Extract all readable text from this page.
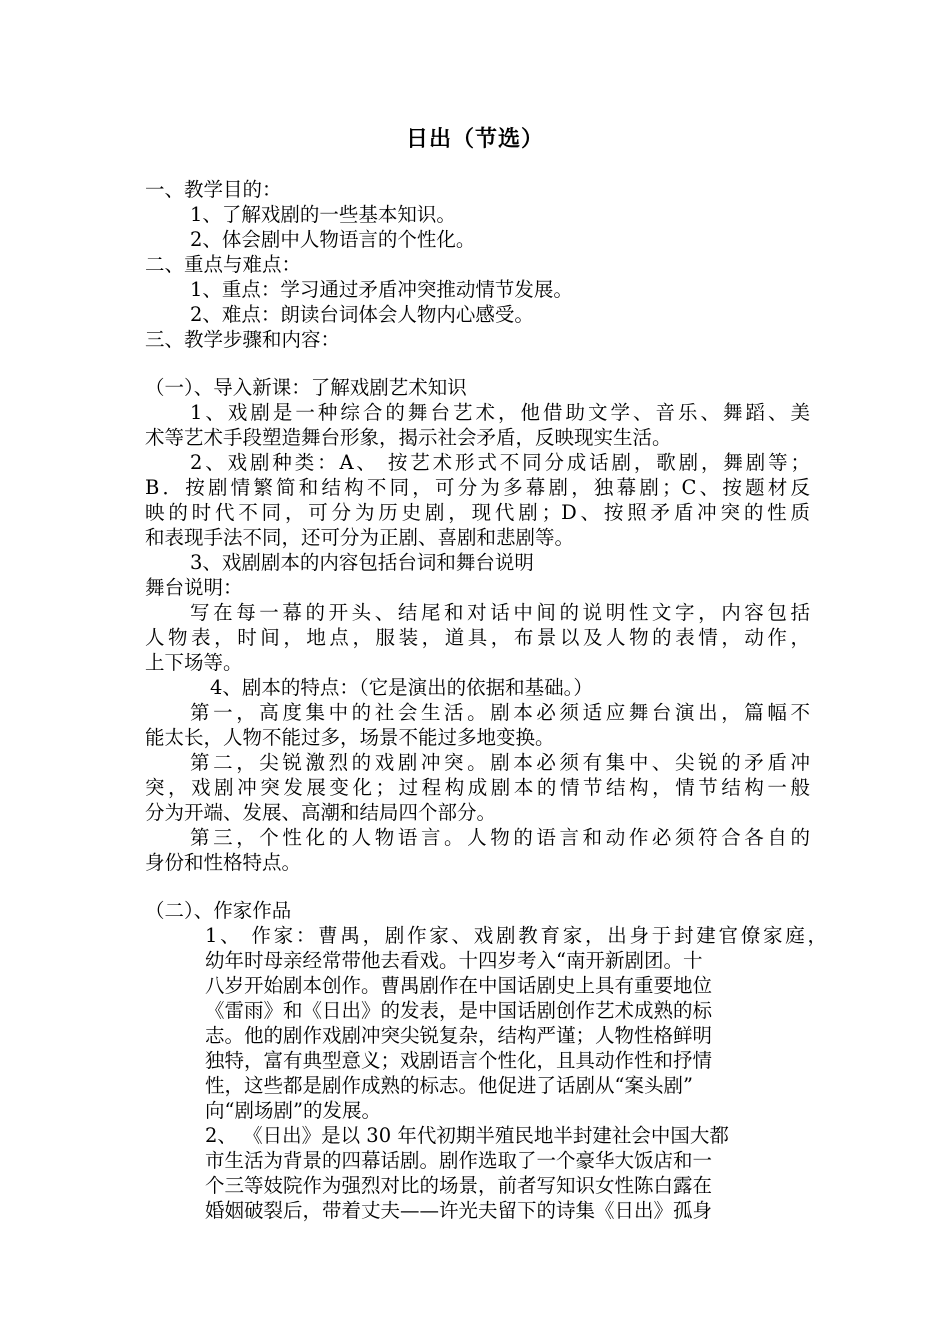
日出（节选）
一、教学目的：
1、了解戏剧的一些基本知识。
2、体会剧中人物语言的个性化。
二、重点与难点：
1、重点：学习通过矛盾冲突推动情节发展。
2、难点：朗读台词体会人物内心感受。
三、教学步骤和内容：
（一）、导入新课：了解戏剧艺术知识
1、戏剧是一种综合的舞台艺术，他借助文学、音乐、舞蹈、美
术等艺术手段塑造舞台形象，揭示社会矛盾，反映现实生活。
2、戏剧种类：A、 按艺术形式不同分成话剧，歌剧，舞剧等；
B．按剧情繁简和结构不同，可分为多幕剧，独幕剧；C、按题材反
映的时代不同，可分为历史剧，现代剧；D、按照矛盾冲突的性质
和表现手法不同，还可分为正剧、喜剧和悲剧等。
3、戏剧剧本的内容包括台词和舞台说明
舞台说明：
写在每一幕的开头、结尾和对话中间的说明性文字，内容包括
人物表，时间，地点，服装，道具，布景以及人物的表情，动作，
上下场等。
4、剧本的特点：（它是演出的依据和基础。）
第一，高度集中的社会生活。剧本必须适应舞台演出，篇幅不
能太长，人物不能过多，场景不能过多地变换。
第二，尖锐激烈的戏剧冲突。剧本必须有集中、尖锐的矛盾冲
突，戏剧冲突发展变化；过程构成剧本的情节结构，情节结构一般
分为开端、发展、高潮和结局四个部分。
第三，个性化的人物语言。人物的语言和动作必须符合各自的
身份和性格特点。
（二）、作家作品
1、 作家：曹禺，剧作家、戏剧教育家，出身于封建官僚家庭，
幼年时母亲经常带他去看戏。十四岁考入“南开新剧团。十
八岁开始剧本创作。曹禺剧作在中国话剧史上具有重要地位
《雷雨》和《日出》的发表，是中国话剧创作艺术成熟的标
志。他的剧作戏剧冲突尖锐复杂，结构严谨；人物性格鲜明
独特，富有典型意义；戏剧语言个性化，且具动作性和抒情
性，这些都是剧作成熟的标志。他促进了话剧从“案头剧”
向“剧场剧”的发展。
2、 《日出》是以 30 年代初期半殖民地半封建社会中国大都
市生活为背景的四幕话剧。剧作选取了一个豪华大饭店和一
个三等妓院作为强烈对比的场景，前者写知识女性陈白露在
婚姻破裂后，带着丈夫——许光夫留下的诗集《日出》孤身
